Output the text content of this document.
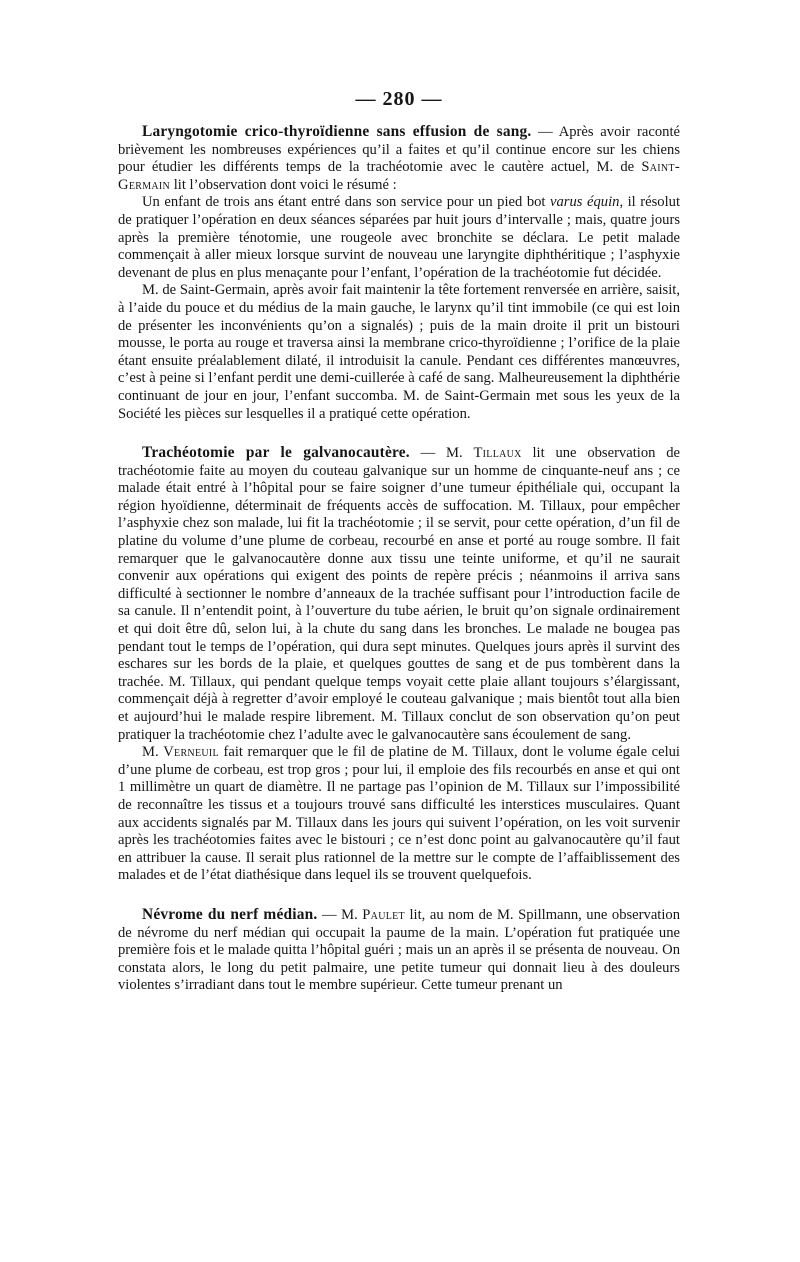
— 280 —

Laryngotomie crico-thyroïdienne sans effusion de sang. — Après avoir raconté brièvement les nombreuses expériences qu’il a faites et qu’il continue encore sur les chiens pour étudier les différents temps de la trachéotomie avec le cautère actuel, M. de Saint-Germain lit l’observation dont voici le résumé :

Un enfant de trois ans étant entré dans son service pour un pied bot varus équin, il résolut de pratiquer l’opération en deux séances séparées par huit jours d’intervalle ; mais, quatre jours après la première ténotomie, une rougeole avec bronchite se déclara. Le petit malade commençait à aller mieux lorsque survint de nouveau une laryngite diphthéritique ; l’asphyxie devenant de plus en plus menaçante pour l’enfant, l’opération de la trachéotomie fut décidée.

M. de Saint-Germain, après avoir fait maintenir la tête fortement renversée en arrière, saisit, à l’aide du pouce et du médius de la main gauche, le larynx qu’il tint immobile (ce qui est loin de présenter les inconvénients qu’on a signalés) ; puis de la main droite il prit un bistouri mousse, le porta au rouge et traversa ainsi la membrane crico-thyroïdienne ; l’orifice de la plaie étant ensuite préalablement dilaté, il introduisit la canule. Pendant ces différentes manœuvres, c’est à peine si l’enfant perdit une demi-cuillerée à café de sang. Malheureusement la diphthérie continuant de jour en jour, l’enfant succomba. M. de Saint-Germain met sous les yeux de la Société les pièces sur lesquelles il a pratiqué cette opération.

Trachéotomie par le galvanocautère. — M. Tillaux lit une observation de trachéotomie faite au moyen du couteau galvanique sur un homme de cinquante-neuf ans ; ce malade était entré à l’hôpital pour se faire soigner d’une tumeur épithéliale qui, occupant la région hyoïdienne, déterminait de fréquents accès de suffocation. M. Tillaux, pour empêcher l’asphyxie chez son malade, lui fit la trachéotomie ; il se servit, pour cette opération, d’un fil de platine du volume d’une plume de corbeau, recourbé en anse et porté au rouge sombre. Il fait remarquer que le galvanocautère donne aux tissu une teinte uniforme, et qu’il ne saurait convenir aux opérations qui exigent des points de repère précis ; néanmoins il arriva sans difficulté à sectionner le nombre d’anneaux de la trachée suffisant pour l’introduction facile de sa canule. Il n’entendit point, à l’ouverture du tube aérien, le bruit qu’on signale ordinairement et qui doit être dû, selon lui, à la chute du sang dans les bronches. Le malade ne bougea pas pendant tout le temps de l’opération, qui dura sept minutes. Quelques jours après il survint des eschares sur les bords de la plaie, et quelques gouttes de sang et de pus tombèrent dans la trachée. M. Tillaux, qui pendant quelque temps voyait cette plaie allant toujours s’élargissant, commençait déjà à regretter d’avoir employé le couteau galvanique ; mais bientôt tout alla bien et aujourd’hui le malade respire librement. M. Tillaux conclut de son observation qu’on peut pratiquer la trachéotomie chez l’adulte avec le galvanocautère sans écoulement de sang.

M. Verneuil fait remarquer que le fil de platine de M. Tillaux, dont le volume égale celui d’une plume de corbeau, est trop gros ; pour lui, il emploie des fils recourbés en anse et qui ont 1 millimètre un quart de diamètre. Il ne partage pas l’opinion de M. Tillaux sur l’impossibilité de reconnaître les tissus et a toujours trouvé sans difficulté les interstices musculaires. Quant aux accidents signalés par M. Tillaux dans les jours qui suivent l’opération, on les voit survenir après les trachéotomies faites avec le bistouri ; ce n’est donc point au galvanocautère qu’il faut en attribuer la cause. Il serait plus rationnel de la mettre sur le compte de l’affaiblissement des malades et de l’état diathésique dans lequel ils se trouvent quelquefois.

Névrome du nerf médian. — M. Paulet lit, au nom de M. Spillmann, une observation de névrome du nerf médian qui occupait la paume de la main. L’opération fut pratiquée une première fois et le malade quitta l’hôpital guéri ; mais un an après il se présenta de nouveau. On constata alors, le long du petit palmaire, une petite tumeur qui donnait lieu à des douleurs violentes s’irradiant dans tout le membre supérieur. Cette tumeur prenant un
